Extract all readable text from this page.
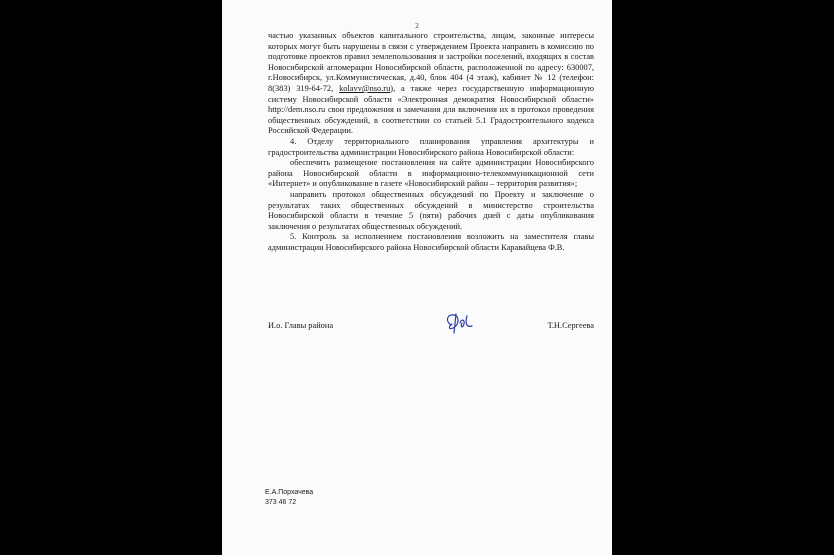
2

частью указанных объектов капитального строительства, лицам, законные интересы которых могут быть нарушены в связи с утверждением Проекта направить в комиссию по подготовке проектов правил землепользования и застройки поселений, входящих в состав Новосибирской агломерации Новосибирской области, расположенной по адресу: 630007, г.Новосибирск, ул.Коммунистическая, д.40, блок 404 (4 этаж), кабинет № 12 (телефон: 8(383) 319-64-72, kolavv@nso.ru), а также через государственную информационную систему Новосибирской области «Электронная демократия Новосибирской области» http://dem.nso.ru свои предложения и замечания для включения их в протокол проведения общественных обсуждений, в соответствии со статьей 5.1 Градостроительного кодекса Российской Федерации.

4. Отделу территориального планирования управления архитектуры и градостроительства администрации Новосибирского района Новосибирской области:

обеспечить размещение постановления на сайте администрации Новосибирского района Новосибирской области в информационно-телекоммуникационной сети «Интернет» и опубликование в газете «Новосибирский район – территория развития»;

направить протокол общественных обсуждений по Проекту и заключение о результатах таких общественных обсуждений в министерство строительства Новосибирской области в течение 5 (пяти) рабочих дней с даты опубликования заключения о результатах общественных обсуждений.

5. Контроль за исполнением постановления возложить на заместителя главы администрации Новосибирского района Новосибирской области Каравайцева Ф.В.

И.о. Главы района	Т.Н.Сергеева
Е.А.Порхачева
373 46 72
